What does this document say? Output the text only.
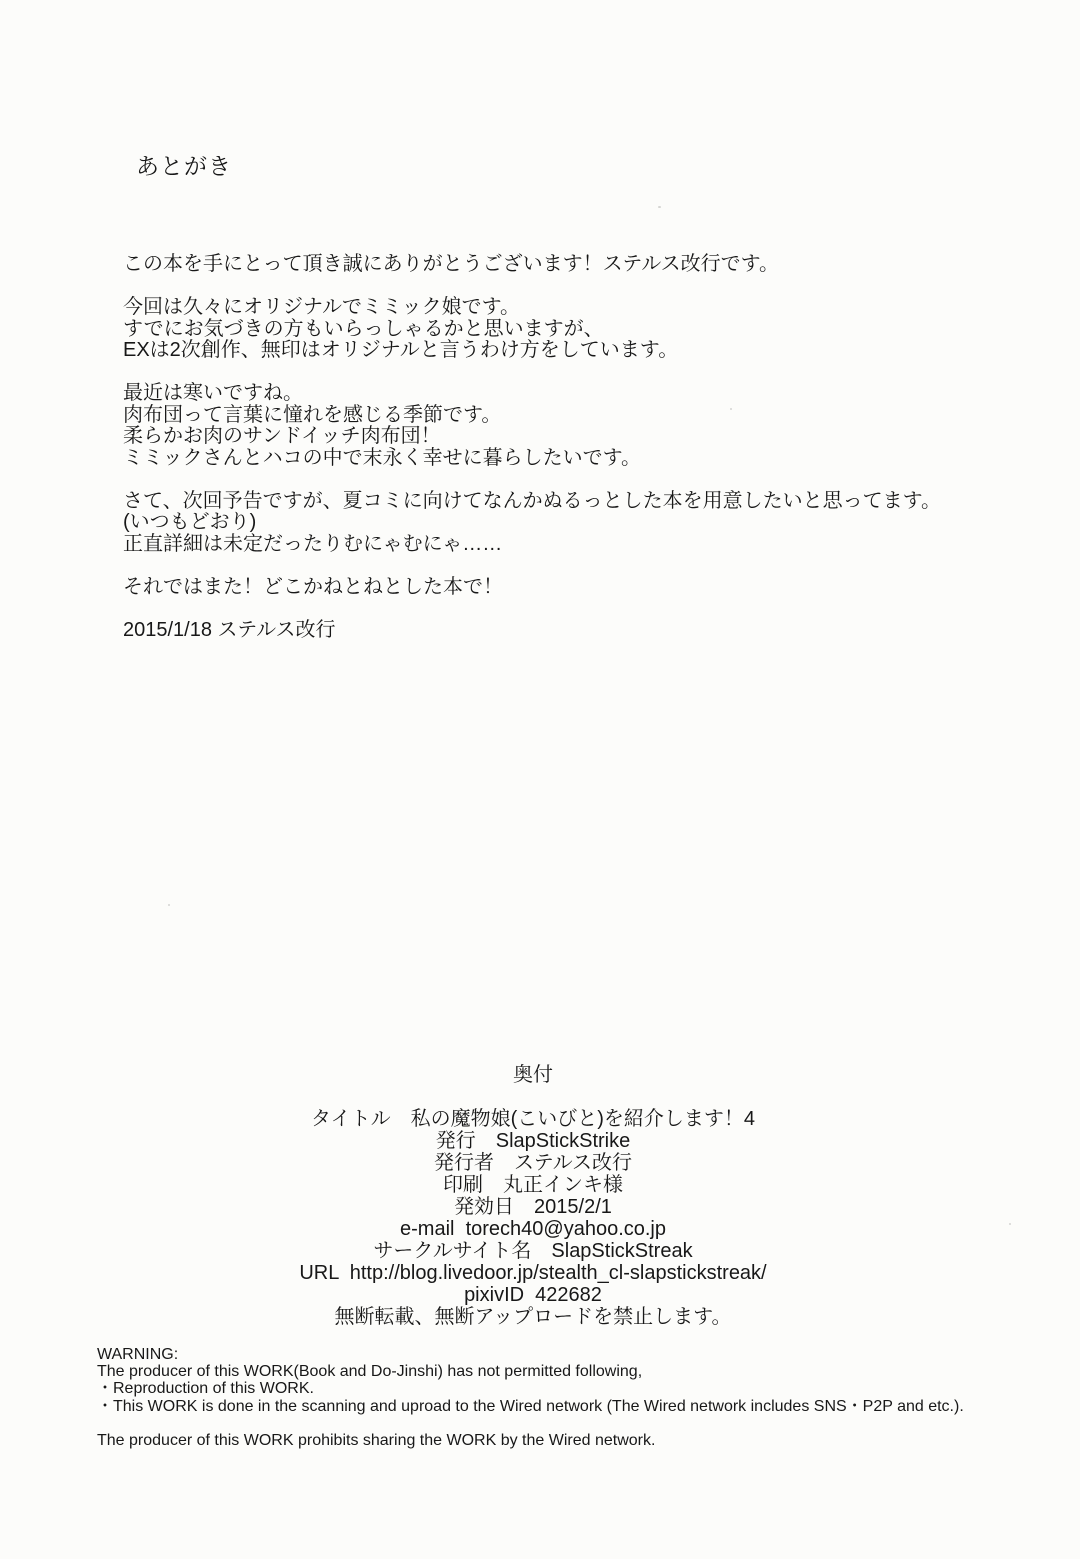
あとがき
この本を手にとって頂き誠にありがとうございます！ステルス改行です。
今回は久々にオリジナルでミミック娘です。
すでにお気づきの方もいらっしゃるかと思いますが、
EXは2次創作、無印はオリジナルと言うわけ方をしています。
最近は寒いですね。
肉布団って言葉に憧れを感じる季節です。
柔らかお肉のサンドイッチ肉布団！
ミミックさんとハコの中で末永く幸せに暮らしたいです。
さて、次回予告ですが、夏コミに向けてなんかぬるっとした本を用意したいと思ってます。
(いつもどおり)
正直詳細は未定だったりむにゃむにゃ……
それではまた！どこかねとねとした本で！
2015/1/18 ステルス改行
奥付
タイトル　私の魔物娘(こいびと)を紹介します！4
発行　SlapStickStrike
発行者　ステルス改行
印刷　丸正インキ様
発効日　2015/2/1
e-mail  torech40@yahoo.co.jp
サークルサイト名　SlapStickStreak
URL  http://blog.livedoor.jp/stealth_cl-slapstickstreak/
pixivID  422682
無断転載、無断アップロードを禁止します。
WARNING:
The producer of this WORK(Book and Do-Jinshi) has not permitted following,
・Reproduction of this WORK.
・This WORK is done in the scanning and uproad to the Wired network (The Wired network includes SNS・P2P and etc.).
The producer of this WORK prohibits sharing the WORK by the Wired network.
